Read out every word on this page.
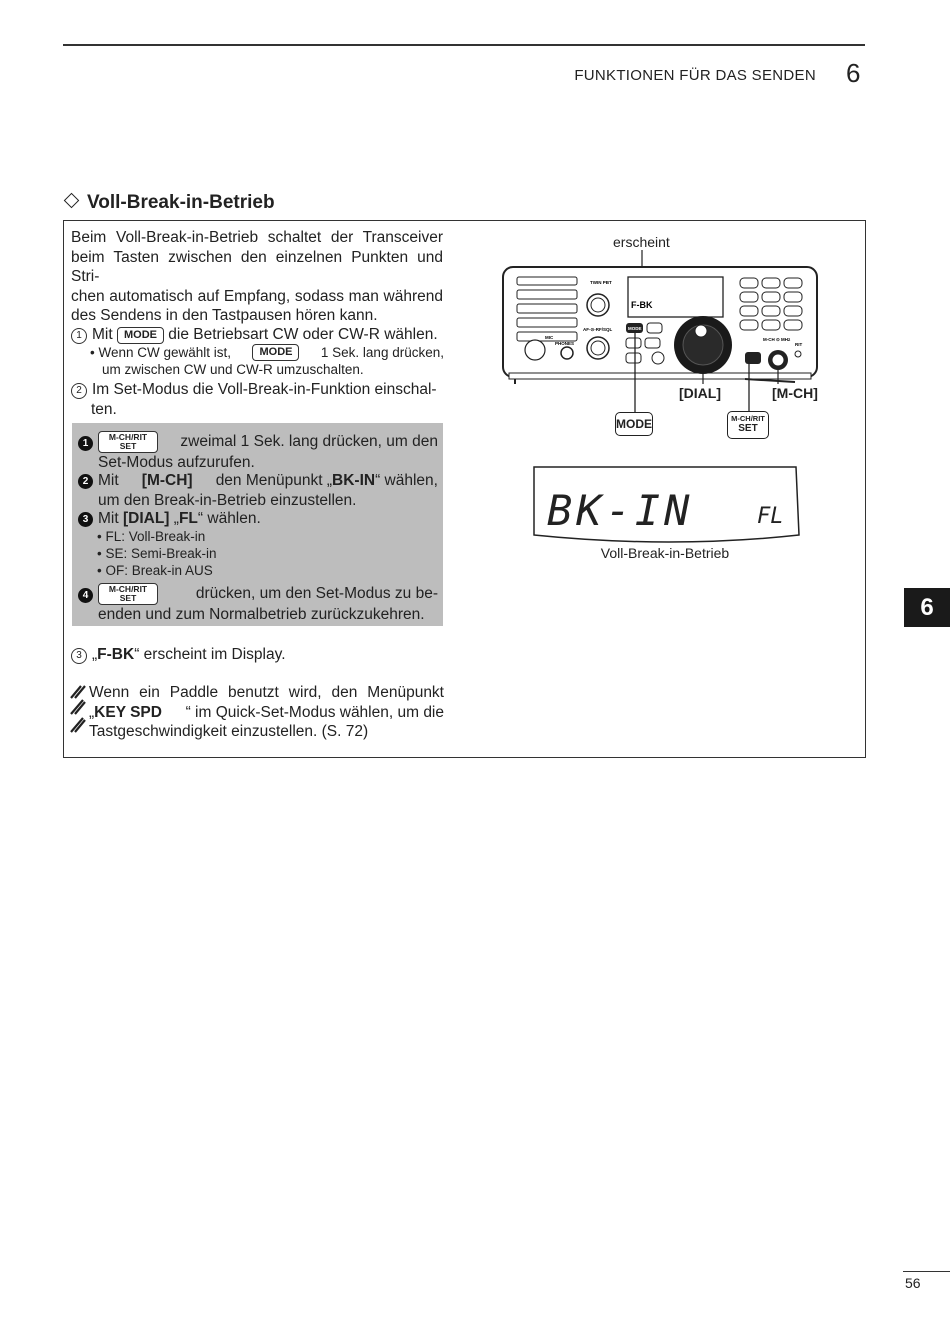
FUNKTIONEN FÜR DAS SENDEN 6
Voll-Break-in-Betrieb
Beim Voll-Break-in-Betrieb schaltet der Transceiver
beim Tasten zwischen den einzelnen Punkten und Stri-
chen automatisch auf Empfang, sodass man während
des Sendens in den Tastpausen hören kann.
1 Mit MODE die Betriebsart CW oder CW-R wählen.
• Wenn CW gewählt ist,	MODE	1 Sek. lang drücken,
um zwischen CW und CW-R umzuschalten.
2 Im Set-Modus die Voll-Break-in-Funktion einschal-
ten.
1M-CH/RIT
SET	zweimal 1 Sek. lang drücken, um den
Set-Modus aufzurufen.
2 Mit [M-CH] den Menüpunkt „BK-IN“ wählen,
um den Break-in-Betrieb einzustellen.
3 Mit [DIAL] „FL“ wählen.
• FL: Voll-Break-in
• SE: Semi-Break-in
• OF: Break-in AUS
4M-CH/RIT
SET	drücken, um den Set-Modus zu be-
enden und zum Normalbetrieb zurückzukehren.
3 „F-BK“ erscheint im Display.
Wenn ein Paddle benutzt wird, den Menüpunkt
„KEY SPD “ im Quick-Set-Modus wählen, um die
Tastgeschwindigkeit einzustellen. (S. 72)
erscheint
TWIN PBT
AF-⊙-RF/SQL
MIC
PHONES
F-BK
MODE
M-CH ⊙ MHz
RIT
[DIAL]	[M-CH]
MODE	M-CH/RIT
SET
BK-IN	FL
Voll-Break-in-Betrieb
6
56
